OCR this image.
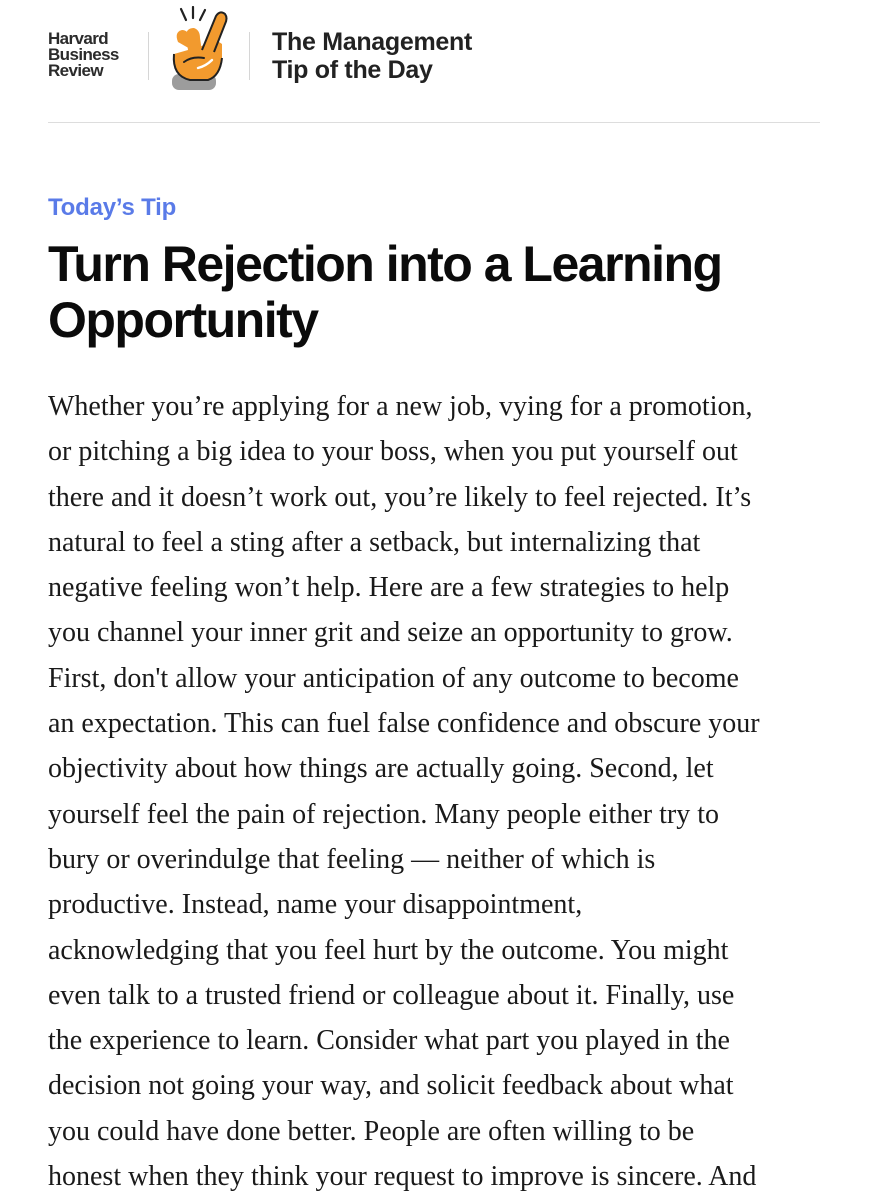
Harvard
Business
Review
The Management
Tip of the Day
Today’s Tip
Turn Rejection into a Learning
Opportunity

Whether you’re applying for a new job, vying for a promotion,
or pitching a big idea to your boss, when you put yourself out
there and it doesn’t work out, you’re likely to feel rejected. It’s
natural to feel a sting after a setback, but internalizing that
negative feeling won’t help. Here are a few strategies to help
you channel your inner grit and seize an opportunity to grow.
First, don't allow your anticipation of any outcome to become
an expectation. This can fuel false confidence and obscure your
objectivity about how things are actually going. Second, let
yourself feel the pain of rejection. Many people either try to
bury or overindulge that feeling — neither of which is
productive. Instead, name your disappointment,
acknowledging that you feel hurt by the outcome. You might
even talk to a trusted friend or colleague about it. Finally, use
the experience to learn. Consider what part you played in the
decision not going your way, and solicit feedback about what
you could have done better. People are often willing to be
honest when they think your request to improve is sincere. And
